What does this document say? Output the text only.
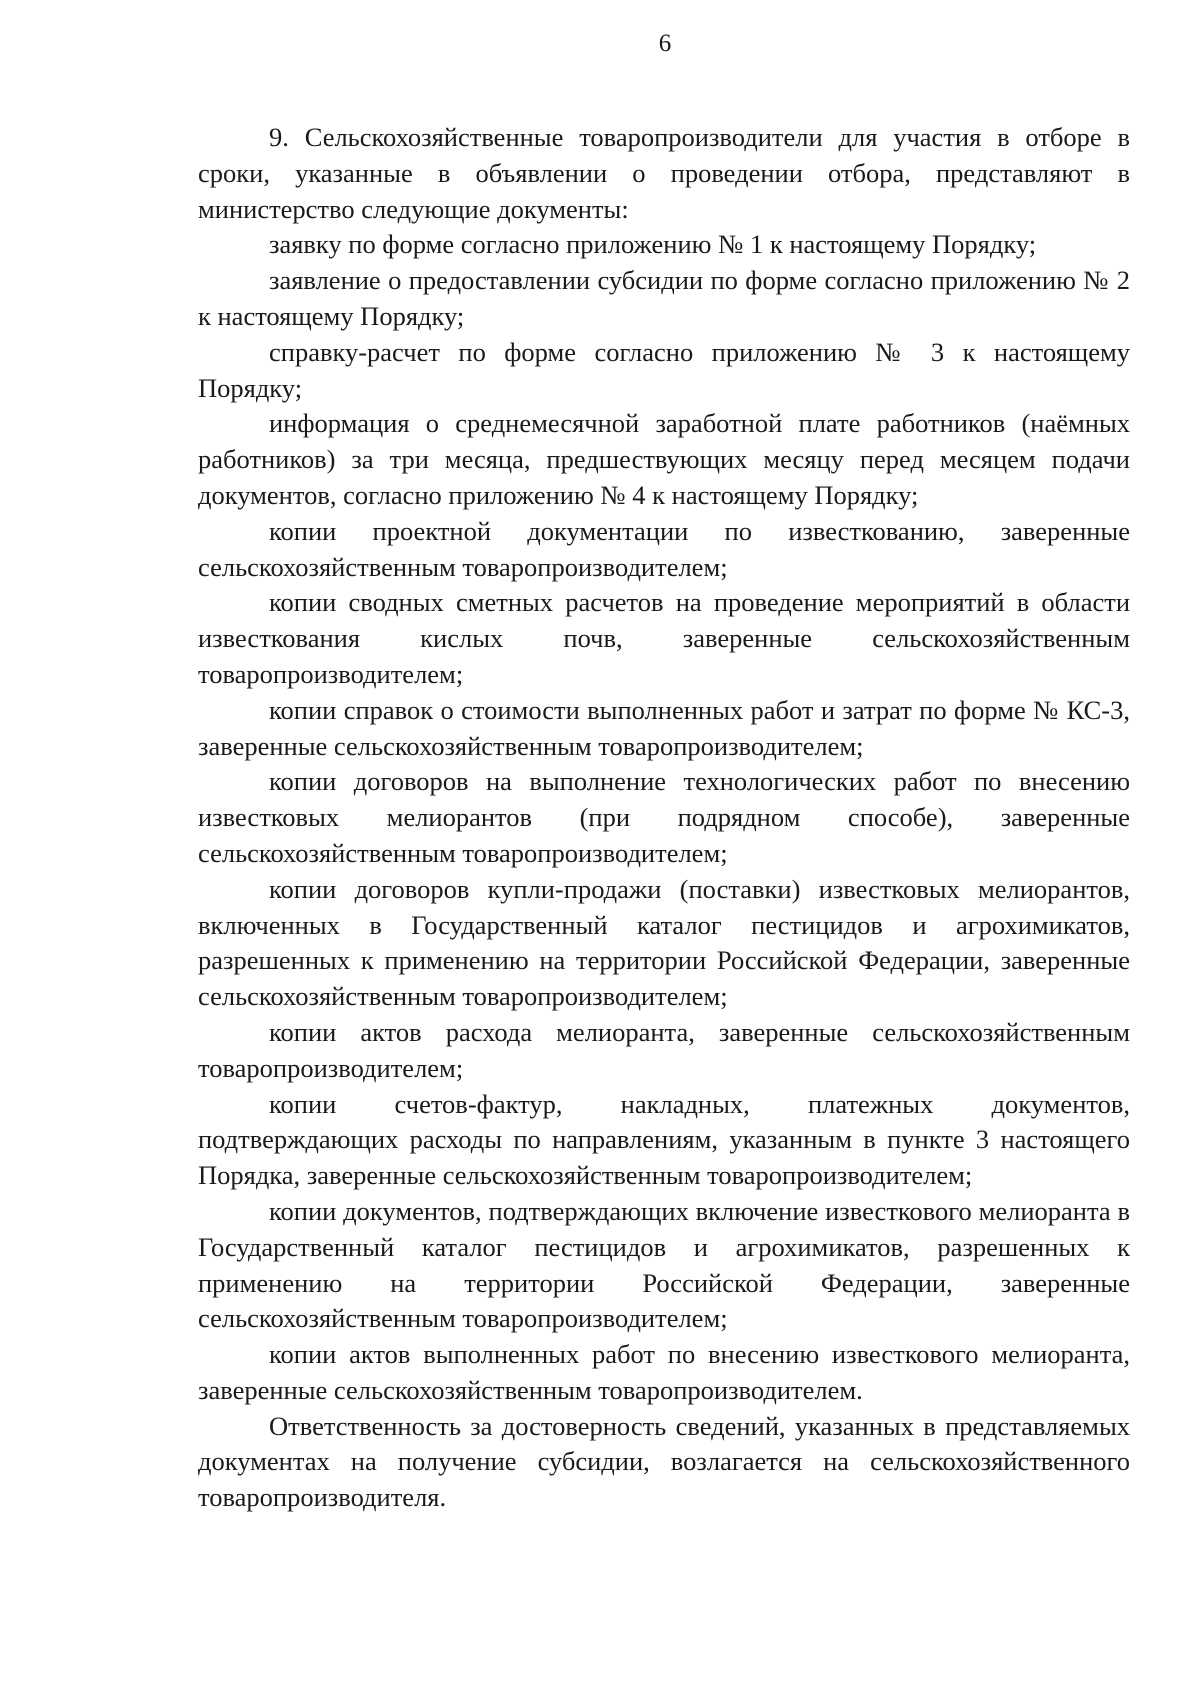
6

9. Сельскохозяйственные товаропроизводители для участия в отборе в сроки, указанные в объявлении о проведении отбора, представляют в министерство следующие документы:

заявку по форме согласно приложению № 1 к настоящему Порядку;

заявление о предоставлении субсидии по форме согласно приложению № 2 к настоящему Порядку;

справку-расчет по форме согласно приложению № 3 к настоящему Порядку;

информация о среднемесячной заработной плате работников (наёмных работников) за три месяца, предшествующих месяцу перед месяцем подачи документов, согласно приложению № 4 к настоящему Порядку;

копии проектной документации по известкованию, заверенные сельскохозяйственным товаропроизводителем;

копии сводных сметных расчетов на проведение мероприятий в области известкования кислых почв, заверенные сельскохозяйственным товаропроизводителем;

копии справок о стоимости выполненных работ и затрат по форме № КС-3, заверенные сельскохозяйственным товаропроизводителем;

копии договоров на выполнение технологических работ по внесению известковых мелиорантов (при подрядном способе), заверенные сельскохозяйственным товаропроизводителем;

копии договоров купли-продажи (поставки) известковых мелиорантов, включенных в Государственный каталог пестицидов и агрохимикатов, разрешенных к применению на территории Российской Федерации, заверенные сельскохозяйственным товаропроизводителем;

копии актов расхода мелиоранта, заверенные сельскохозяйственным товаропроизводителем;

копии счетов-фактур, накладных, платежных документов, подтверждающих расходы по направлениям, указанным в пункте 3 настоящего Порядка, заверенные сельскохозяйственным товаропроизводителем;

копии документов, подтверждающих включение известкового мелиоранта в Государственный каталог пестицидов и агрохимикатов, разрешенных к применению на территории Российской Федерации, заверенные сельскохозяйственным товаропроизводителем;

копии актов выполненных работ по внесению известкового мелиоранта, заверенные сельскохозяйственным товаропроизводителем.

Ответственность за достоверность сведений, указанных в представляемых документах на получение субсидии, возлагается на сельскохозяйственного товаропроизводителя.
